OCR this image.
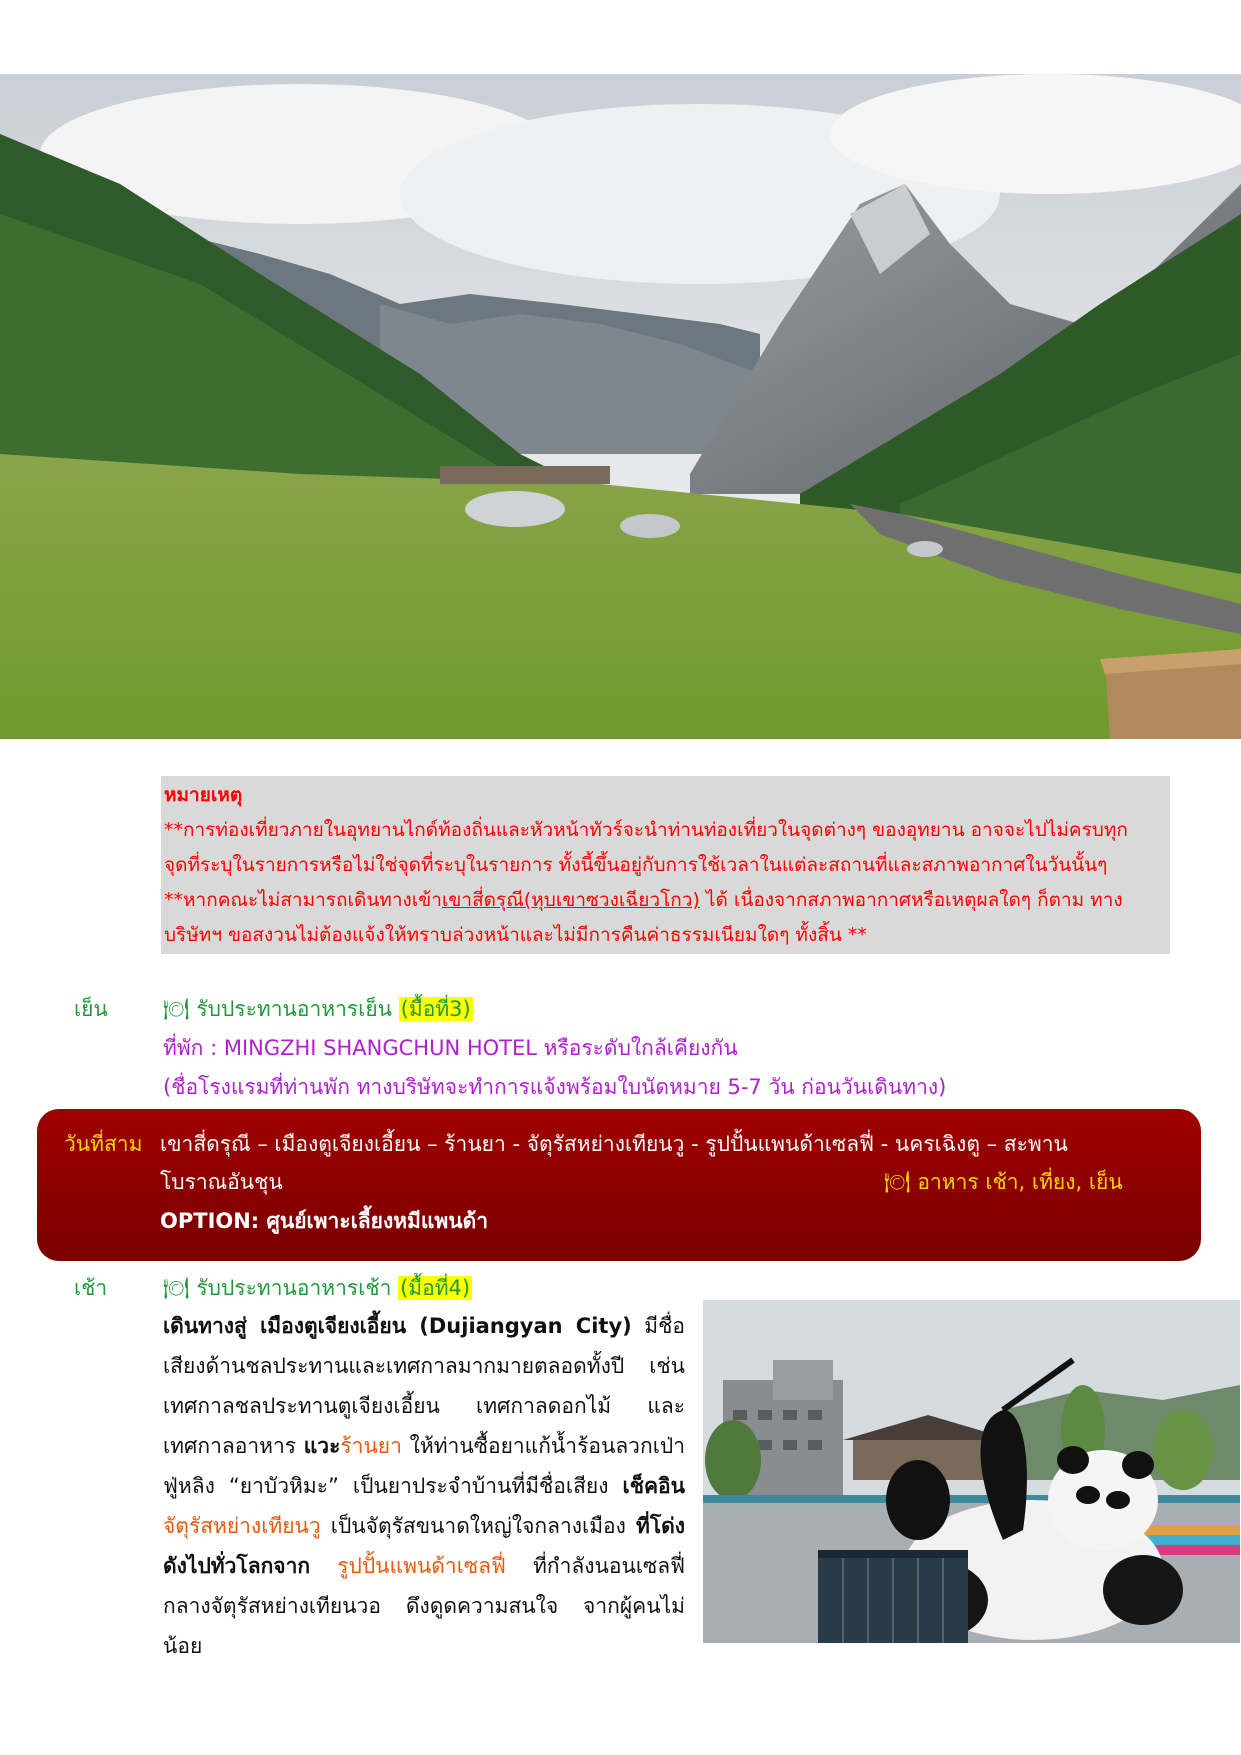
หมายเหตุ
**การท่องเที่ยวภายในอุทยานไกด์ท้องถิ่นและหัวหน้าทัวร์จะนำท่านท่องเที่ยวในจุดต่างๆ ของอุทยาน อาจจะไปไม่ครบทุก
จุดที่ระบุในรายการหรือไม่ใช่จุดที่ระบุในรายการ ทั้งนี้ขึ้นอยู่กับการใช้เวลาในแต่ละสถานที่และสภาพอากาศในวันนั้นๆ
**หากคณะไม่สามารถเดินทางเข้าเขาสี่ดรุณี(หุบเขาซวงเฉียวโกว) ได้ เนื่องจากสภาพอากาศหรือเหตุผลใดๆ ก็ตาม ทาง
บริษัทฯ ขอสงวนไม่ต้องแจ้งให้ทราบล่วงหน้าและไม่มีการคืนค่าธรรมเนียมใดๆ ทั้งสิ้น **
เย็น	🍽 รับประทานอาหารเย็น (มื้อที่3)
ที่พัก : MINGZHI SHANGCHUN HOTEL หรือระดับใกล้เคียงกัน
(ชื่อโรงแรมที่ท่านพัก ทางบริษัทจะทำการแจ้งพร้อมใบนัดหมาย 5-7 วัน ก่อนวันเดินทาง)
วันที่สาม เขาสี่ดรุณี – เมืองตูเจียงเอี้ยน – ร้านยา - จัตุรัสหย่างเทียนวู - รูปปั้นแพนด้าเซลฟี่ - นครเฉิงตู – สะพาน
โบราณอันชุน	🍽 อาหาร เช้า, เที่ยง, เย็น
OPTION: ศูนย์เพาะเลี้ยงหมีแพนด้า
เช้า	🍽 รับประทานอาหารเช้า (มื้อที่4)
เดินทางสู่ เมืองตูเจียงเอี้ยน (Dujiangyan City) มีชื่อเสียงด้านชลประทานและเทศกาลมากมายตลอดทั้งปี เช่น เทศกาลชลประทานตูเจียงเอี้ยน เทศกาลดอกไม้ และเทศกาลอาหาร แวะร้านยา ให้ท่านซื้อยาแก้น้ำร้อนลวกเป่าฟู่หลิง “ยาบัวหิมะ” เป็นยาประจำบ้านที่มีชื่อเสียง เช็คอินจัตุรัสหย่างเทียนวู เป็นจัตุรัสขนาดใหญ่ใจกลางเมือง ที่โด่งดังไปทั่วโลกจาก รูปปั้นแพนด้าเซลฟี่ ที่กำลังนอนเซลฟี่กลางจัตุรัสหย่างเทียนวอ ดึงดูดความสนใจ จากผู้คนไม่น้อย
